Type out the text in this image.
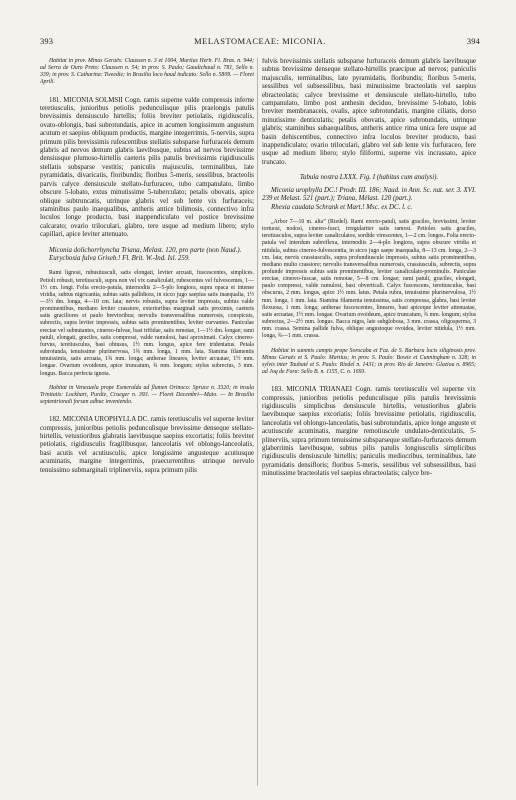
393	MELASTOMACEAE: MICONIA.	394

Habitat in prov. Minas Geraës: Claussen n. 3 et 1004, Martius Herb. Fl. Bras. n. 944; ad Serra de Ouro Preto: Claussen n. 54; in prov. S. Paulo; Gaudichaud n. 781, Sello n. 339; in prov. S. Catharina: Tweedie; in Brasilia loco haud indicato: Sello n. 5809. — Floret Aprili.

181. MICONIA SOLMSII Cogn. ramis superne valde compressis inferne teretiusculis, junioribus petiolis pedunculisque pilis praelongis patulis brevissimis densiusculo hirtellis; foliis breviter petiolatis, rigidiusculis, ovato-oblongis, basi subrotundatis, apice in acumen longissimum angustum acutum et saepius obliquum productis, margine integerrimis, 5-nerviis, supra primum pilis brevissimis rufescentibus stellatis subsparse furfuraceis demum glabris ad nervos demum glabris laevibusque, subtus ad nervos brevissime densiusque plumoso-hirtellis caeteris pilis patulis brevissimis rigidiusculis stellatis subsparse vestitis; paniculis majusculis, terminalibus, late pyramidatis, divaricatis, floribundis; floribus 5-meris, sessilibus, bracteolis parvis calyce densiuscule stellato-furfuraceo, tubo campanulato, limbo obscure 5-lobato, extus minutissime 5-tuberculato; petalis obovatis, apice oblique subtruncatis, utrinque glabris vel sub lente vix furfuraceis; staminibus paulo inaequalibus, antheris antice bilimosis, connectivo infra loculos longe producto, basi inappendiculato vel postice brevissime calcarato; ovario triloculari, glabro, tere usque ad medium libero; stylo capillari, apice leviter attenuato.

Miconia dolichorrhyncha Triana, Melast. 120, pro parte (non Naud.).

Eurychosia fulva Griseb.! Fl. Brit. W.-Ind. Isl. 259.

Rami lignosi, rubustiusculi, satis elongati, leviter arcuati, fuscescentes, simplices. Petioli robusti, teretiusculi, supra non vel vix canaliculati, rubescentes vel fulvescentes, 1—1½ cm. longi. Folia erecto-patula, internodiis 2—5-plo longiora, supra opaca et intense viridia, subtus nigricantia, subtus satis pallidiora, in sicco jugo saepius satis inaequalia, 1½—3½ dm. longa, 4—10 cm. lata; nervis robustis, supra leviter impressis, subtus valde prominentibus, mediano leviter crassiore, exterioribus marginali satis proximis, caeteris satis graciliores et paulo brevioribus; nervulis transversalibus numerosis, conspicuis, subrectis, supra leviter impressis, subtus satis prominentibus, leviter curvantes. Paniculae erectae vel subnutantes, cinereo-fulvae, basi trifidae, satis remotae, 1—1½ dm. longae; rami patuli, elongati, graciles, satis compressi, valde ramulosi, basi aproximati. Calyx cinereo-furvus, teretiusculus, basi obtusus, 1½ mm. longus, apice fere tridentatus. Petala subrotunda, tenuissime plurinervosa, 1¾ mm. longa, 1 mm. lata. Stamina filamentis tenuissimis, satis arcuata, 1¾ mm. longa; antherae lineares, leviter arcuatae, 1½ mm. longae. Ovarium ovoideum, apice truncatum, ¾ mm. longum; stylus subrectus, 3 mm. longus. Bacca perfecta ignota.

Habitat in Venezuela prope Esmeralda ad flumen Orinoco: Spruce n. 3320; in insula Trinitatis: Lockhart, Purdie, Crueger n. 393. — Floret Decembri—Maio. — In Brasilia septentrionali forsan adhuc inveniendo.

182. MICONIA UROPHYLLA DC. ramis teretiusculis vel superne leviter compressis, junioribus petiolis pedunculisque brevissime denseque stellato-hirtellis, vetustioribus glabratis laevibusque saepius excoriatis; foliis breviter petiolatis, rigidiusculis fragilibusque, lanceolatis vel oblongo-lanceolatis, basi acutis vel acutiusculis, apice longissime angusteque acutiusque acuminatis, margine integerrimis, praecurrentibus utrinque nervulo tenuissimo submarginali triplinerviis, supra primum pilis

fulvis brevissimis stellatis subsparse furfuraceis demum glabris laevibusque subtus brevissime denseque stellato-hirtellis praecipue ad nervos; paniculis majusculis, terminalibus, late pyramidatis, floribundis; floribus 5-meris, sessilibus vel subsessilibus, basi minutissime bracteolatis vel saepius ebracteolatis; calyce brevissime et densiuscule stellato-hirtello, tubo campanulato, limbo post anthesin deciduo, brevissime 5-lobato, lobis breviter membranaceis, ovalis, apice subrotundatis, margine ciliatis, dorso minutissime denticulatis; petalis obovatis, apice subrotundatis, utrinque glabris; staminibus subaequalibus, antheris antice rima unica fere usque ad basin dehiscentibus, connectivo infra loculos breviter producto, basi inappendiculato; ovario triloculari, glabro vel sub lente vix furfuraceo, fere usque ad medium libero; stylo filiformi, superne vix incrassato, apice truncato.

Tabula nostra LXXX. Fig. I (habitus cum analysi).

Miconia urophylla DC.! Prodr. III. 186; Naud. in Ann. Sc. nat. ser. 3. XVI. 239 et Melast. 521 (part.); Triana, Mélast. 120 (part.).

Rhexia caudata Schrank et Mart.! Msc. ex DC. l. c.

„Arbor 7—10 m. alta” (Riedel). Rami erecto-patuli, satis graciles, brevissimi, leviter tortuosi, nodosi, cinereo-fusci, irregulariter satis ramosi. Petioles satis graciles, teretiusculos, supra leviter canaliculatos, sordide virescentes, 1—2 cm. longos. Folia erecto-patula vel interdum subreflexa, internodiis 2—4-plo longiora, supra obscure viridia et nitidula, subtus cinereo-fulvescentia, in sicco jugo saepe inaequalia, 8—13 cm. longa, 2—3 cm. lata; nervis crassiusculis, supra profundiuscule impressis, subtus satis prominentibus, mediano multo crassiore; nervulis transversalibus numerosis, crassiusculis, subrectis, supra profunde impressis subtus satis prominentibus, leviter canaliculato-prominulis. Paniculae erectae, cinereo-fuscae, satis remotae, 5—8 cm. longae; rami patuli, graciles, elongati, paulo compressi, valde ramulosi, basi obverticali. Calyx fuscescens, teretiusculus, basi obscurus, 2 mm. longus, apice 1½ mm. latus. Petala rubra, tenuissime plurinervulosa, 1½ mm. longa, 1 mm. lata. Stamina filamenta tenuissima, satis compressa, glabra, basi leviter flexuosa, 1 mm. longa; antherae fuscescentes, lineares, basi apiceque leviter attenuatae, satis arcuatae, 1½ mm. longae. Ovarium ovoideum, apice truncatum, ¾ mm. longum; stylus subrectus, 2—2½ mm. longus. Bacca nigra, late subglobosa, 3 mm. crassa, oligosperma, 3 mm. crassa. Semina pallide fulva, oblique angustoque ovoidea, leviter nitidula, 1½ mm. longa, ¾—1 mm. crassa.

Habitat in summis campis prope Sorocaba et Faz. de S. Barbara locis siliginosis prov. Minas Geraës et S. Paulo: Martius; in prov. S. Paulo: Bowie et Cunningham n. 328; in sylvis inter Taubaté et S. Paulo: Riedel n. 1431; in prov. Rio de Janeiro: Glaziou n. 8965; ad Joq de Fora: Sello B. n. 1155, C. n. 1693.

183. MICONIA TRIANAEI Cogn. ramis teretiusculis vel superne vix compressis, junioribus petiolis pedunculisque pilis patulis brevissimis rigidiusculis simplicibus densiuscule hirtellis, vetustioribus glabris laevibusque saepius excoriatis; foliis brevissime petiolatis, rigidiusculis, lanceolatis vel oblongo-lanceolatis, basi subrotundatis, apice longe anguste et acutiuscule acuminatis, margine remotiuscule undulato-denticulatis, 5-plinerviis, supra primum tenuissime subsparseque stellato-furfuraceis demum glaberrimis laevibusque, subtus pilis patulis longiusculis simplicibus rigidiusculis densiuscule hirtellis; paniculis mediocribus, terminalibus, late pyramidatis densifloris; floribus 5-meris, sessilibus vel subsessilibus, basi minutissime bracteolatis vel saepius ebracteolatis; calyce bre-
